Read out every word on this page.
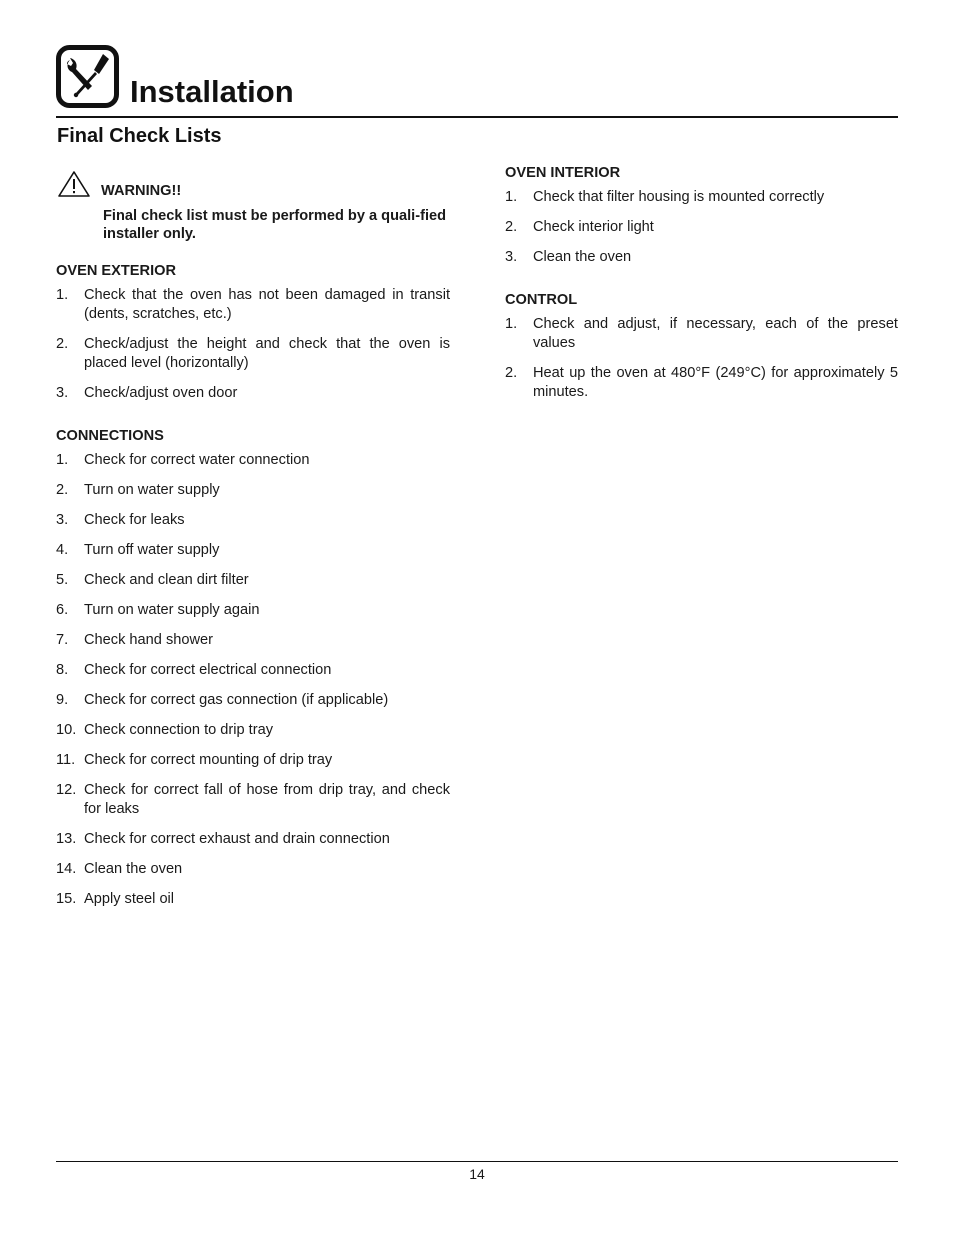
Installation
Final Check Lists
WARNING!!
Final check list must be performed by a quali-fied installer only.
OVEN EXTERIOR
1. Check that the oven has not been damaged in transit (dents, scratches, etc.)
2. Check/adjust the height and check that the oven is placed level (horizontally)
3. Check/adjust oven door
CONNECTIONS
1. Check for correct water connection
2. Turn on water supply
3. Check for leaks
4. Turn off water supply
5. Check and clean dirt filter
6. Turn on water supply again
7. Check hand shower
8. Check for correct electrical connection
9. Check for correct gas connection (if applicable)
10. Check connection to drip tray
11. Check for correct mounting of drip tray
12. Check for correct fall of hose from drip tray, and check for leaks
13. Check for correct exhaust and drain connection
14. Clean the oven
15. Apply steel oil
OVEN INTERIOR
1. Check that filter housing is mounted correctly
2. Check interior light
3. Clean the oven
CONTROL
1. Check and adjust, if necessary, each of the preset values
2. Heat up the oven at 480°F (249°C) for approximately 5 minutes.
14
